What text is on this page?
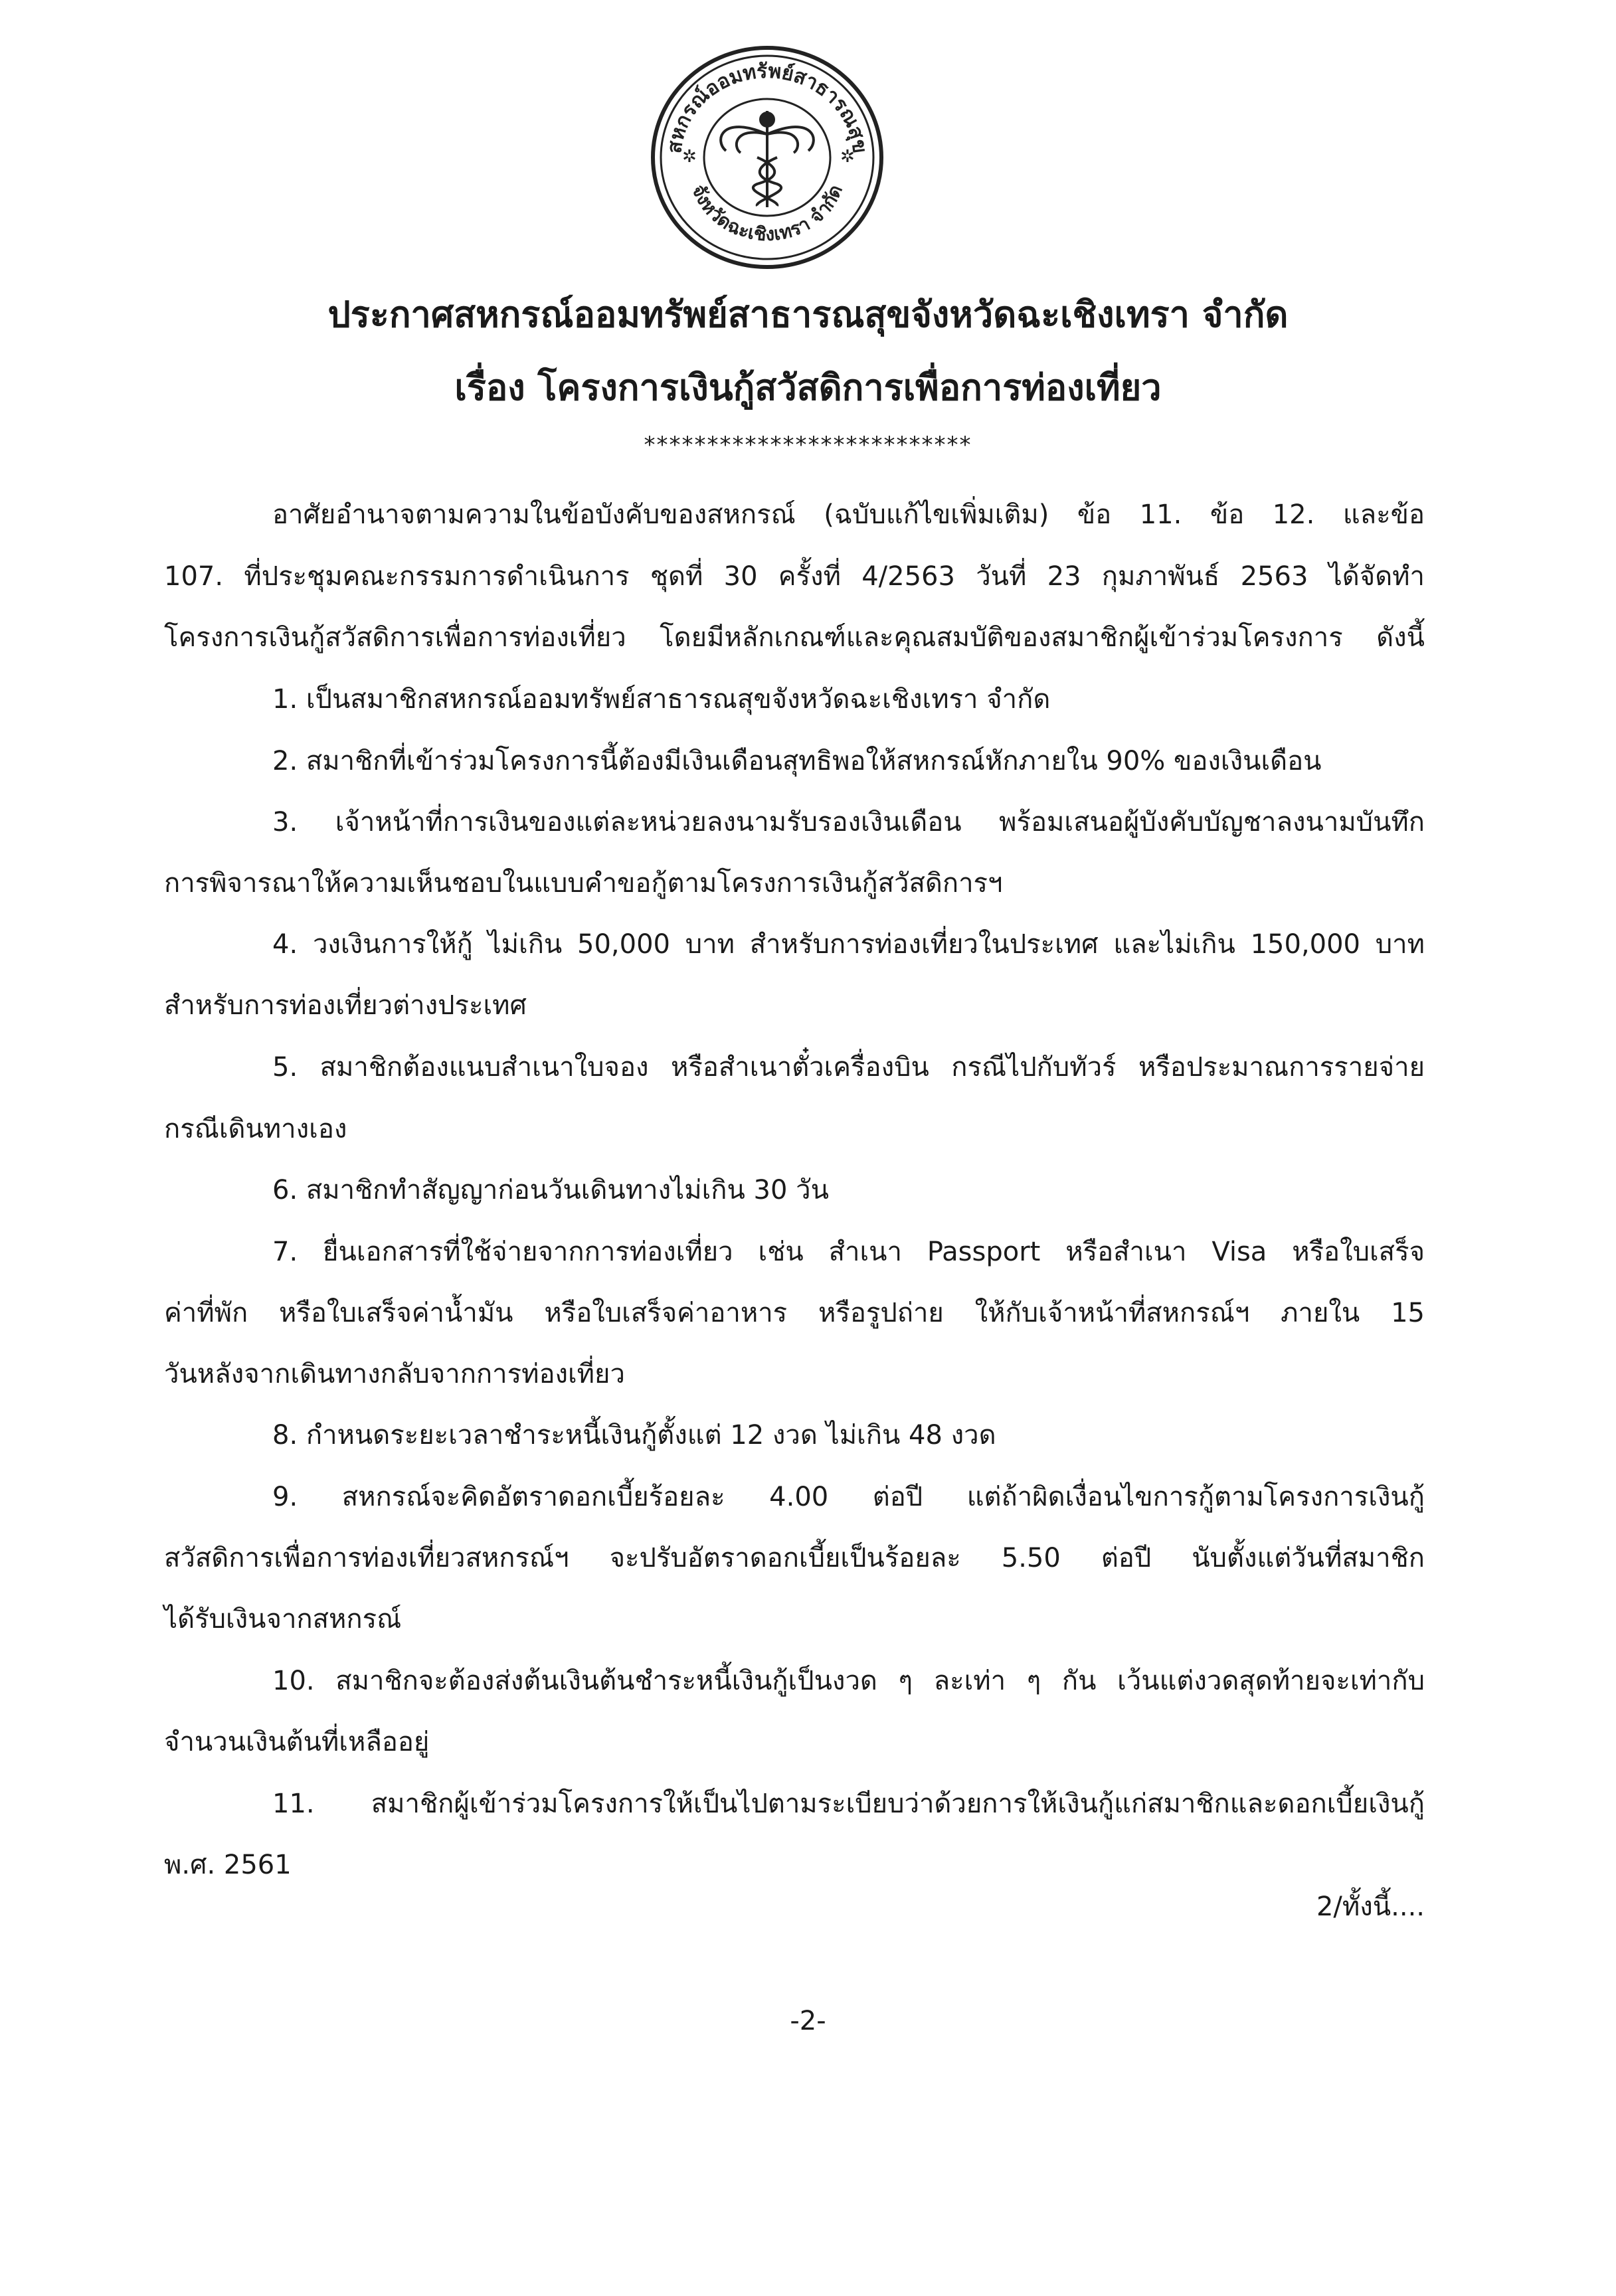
สหกรณ์ออมทรัพย์สาธารณสุข
จังหวัดฉะเชิงเทรา จำกัด
✲	✲
ประกาศสหกรณ์ออมทรัพย์สาธารณสุขจังหวัดฉะเชิงเทรา จำกัด
เรื่อง โครงการเงินกู้สวัสดิการเพื่อการท่องเที่ยว
**************************
อาศัยอำนาจตามความในข้อบังคับของสหกรณ์ (ฉบับแก้ไขเพิ่มเติม) ข้อ 11. ข้อ 12. และข้อ
107. ที่ประชุมคณะกรรมการดำเนินการ ชุดที่ 30 ครั้งที่ 4/2563 วันที่ 23 กุมภาพันธ์ 2563 ได้จัดทำ
โครงการเงินกู้สวัสดิการเพื่อการท่องเที่ยว โดยมีหลักเกณฑ์และคุณสมบัติของสมาชิกผู้เข้าร่วมโครงการ ดังนี้
1. เป็นสมาชิกสหกรณ์ออมทรัพย์สาธารณสุขจังหวัดฉะเชิงเทรา จำกัด
2. สมาชิกที่เข้าร่วมโครงการนี้ต้องมีเงินเดือนสุทธิพอให้สหกรณ์หักภายใน 90% ของเงินเดือน
3. เจ้าหน้าที่การเงินของแต่ละหน่วยลงนามรับรองเงินเดือน พร้อมเสนอผู้บังคับบัญชาลงนามบันทึก
การพิจารณาให้ความเห็นชอบในแบบคำขอกู้ตามโครงการเงินกู้สวัสดิการฯ
4. วงเงินการให้กู้ ไม่เกิน 50,000 บาท สำหรับการท่องเที่ยวในประเทศ และไม่เกิน 150,000 บาท
สำหรับการท่องเที่ยวต่างประเทศ
5. สมาชิกต้องแนบสำเนาใบจอง หรือสำเนาตั๋วเครื่องบิน กรณีไปกับทัวร์ หรือประมาณการรายจ่าย
กรณีเดินทางเอง
6. สมาชิกทำสัญญาก่อนวันเดินทางไม่เกิน 30 วัน
7. ยื่นเอกสารที่ใช้จ่ายจากการท่องเที่ยว เช่น สำเนา Passport หรือสำเนา Visa หรือใบเสร็จ
ค่าที่พัก หรือใบเสร็จค่าน้ำมัน หรือใบเสร็จค่าอาหาร หรือรูปถ่าย ให้กับเจ้าหน้าที่สหกรณ์ฯ ภายใน 15
วันหลังจากเดินทางกลับจากการท่องเที่ยว
8. กำหนดระยะเวลาชำระหนี้เงินกู้ตั้งแต่ 12 งวด ไม่เกิน 48 งวด
9. สหกรณ์จะคิดอัตราดอกเบี้ยร้อยละ 4.00 ต่อปี แต่ถ้าผิดเงื่อนไขการกู้ตามโครงการเงินกู้
สวัสดิการเพื่อการท่องเที่ยวสหกรณ์ฯ จะปรับอัตราดอกเบี้ยเป็นร้อยละ 5.50 ต่อปี นับตั้งแต่วันที่สมาชิก
ได้รับเงินจากสหกรณ์
10. สมาชิกจะต้องส่งต้นเงินต้นชำระหนี้เงินกู้เป็นงวด ๆ ละเท่า ๆ กัน เว้นแต่งวดสุดท้ายจะเท่ากับ
จำนวนเงินต้นที่เหลืออยู่
11. สมาชิกผู้เข้าร่วมโครงการให้เป็นไปตามระเบียบว่าด้วยการให้เงินกู้แก่สมาชิกและดอกเบี้ยเงินกู้
พ.ศ. 2561
2/ทั้งนี้....
-2-
